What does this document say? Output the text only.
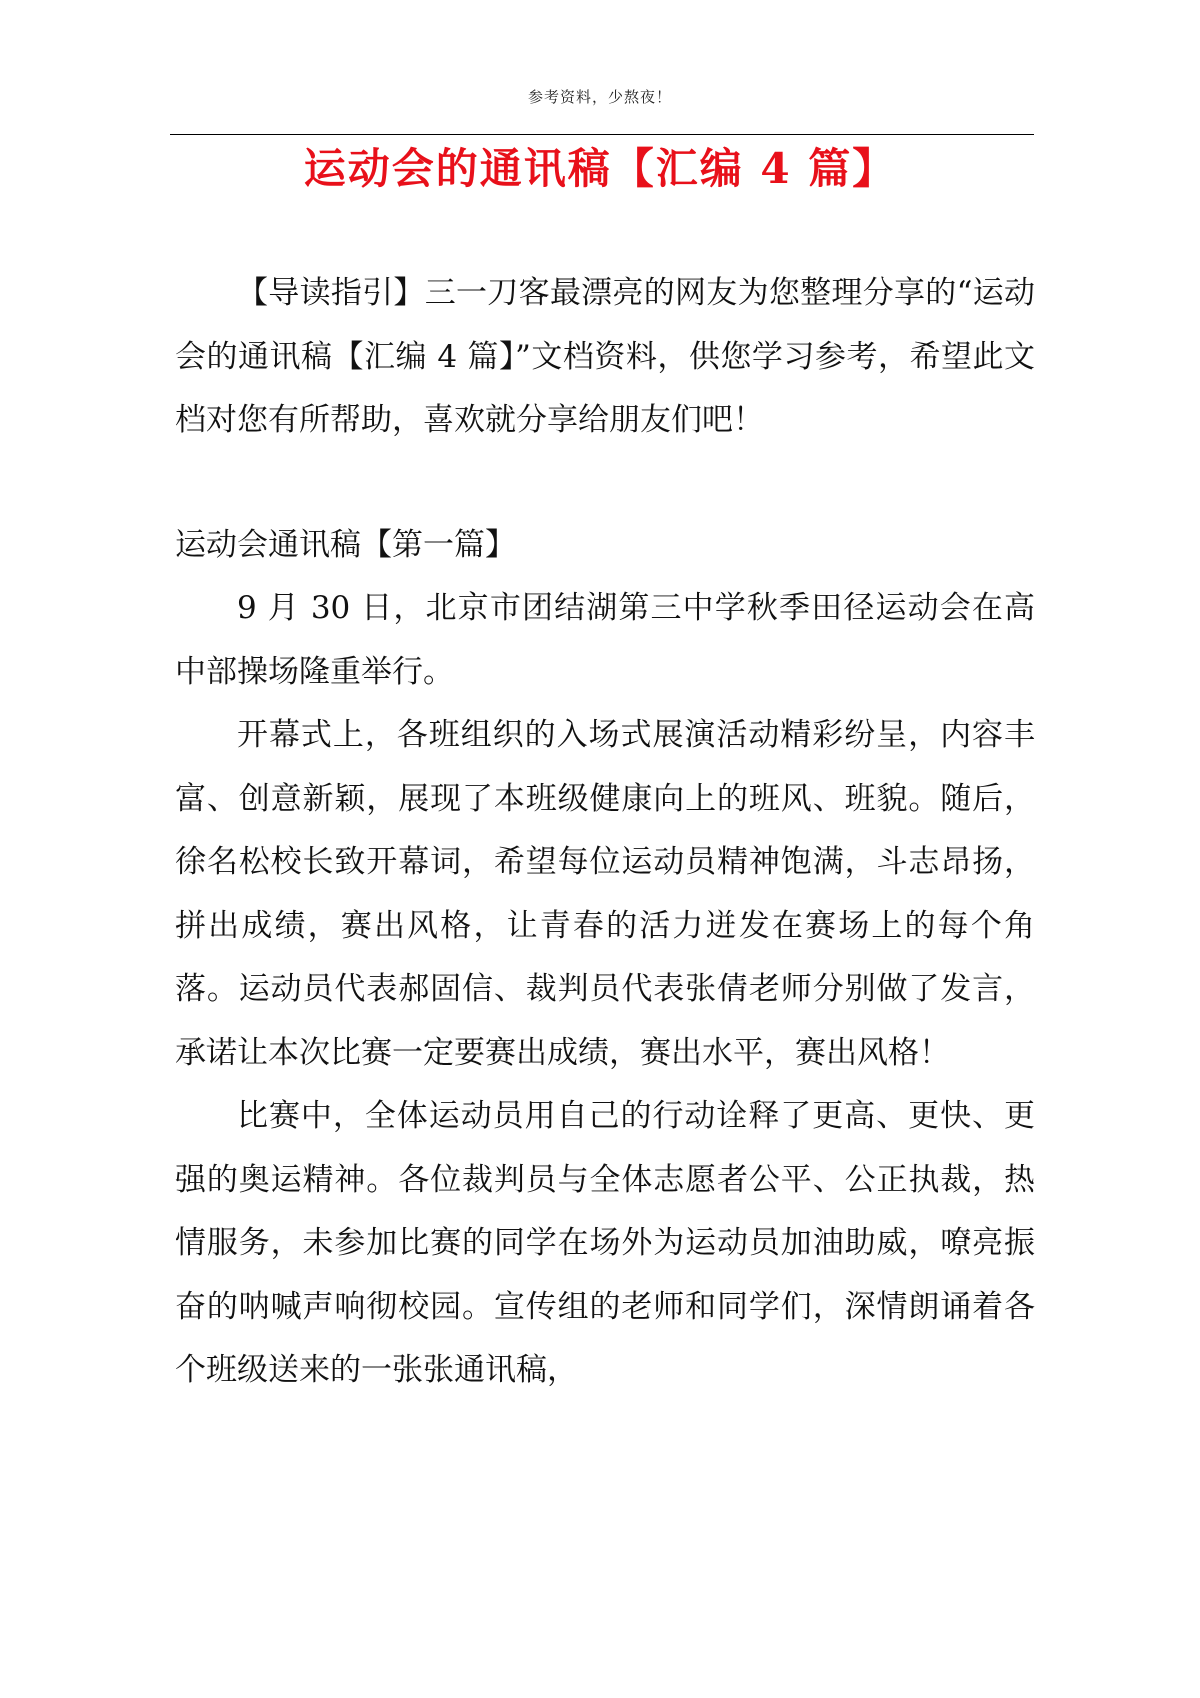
参考资料，少熬夜！
运动会的通讯稿【汇编 4 篇】

【导读指引】三一刀客最漂亮的网友为您整理分享的“运动会的通讯稿【汇编 4 篇】”文档资料，供您学习参考，希望此文档对您有所帮助，喜欢就分享给朋友们吧！

运动会通讯稿【第一篇】

9 月 30 日，北京市团结湖第三中学秋季田径运动会在高中部操场隆重举行。

开幕式上，各班组织的入场式展演活动精彩纷呈，内容丰富、创意新颖，展现了本班级健康向上的班风、班貌。随后，徐名松校长致开幕词，希望每位运动员精神饱满，斗志昂扬，拼出成绩，赛出风格，让青春的活力迸发在赛场上的每个角落。运动员代表郝固信、裁判员代表张倩老师分别做了发言，承诺让本次比赛一定要赛出成绩，赛出水平，赛出风格！

比赛中，全体运动员用自己的行动诠释了更高、更快、更强的奥运精神。各位裁判员与全体志愿者公平、公正执裁，热情服务，未参加比赛的同学在场外为运动员加油助威，嘹亮振奋的呐喊声响彻校园。宣传组的老师和同学们，深情朗诵着各个班级送来的一张张通讯稿，
